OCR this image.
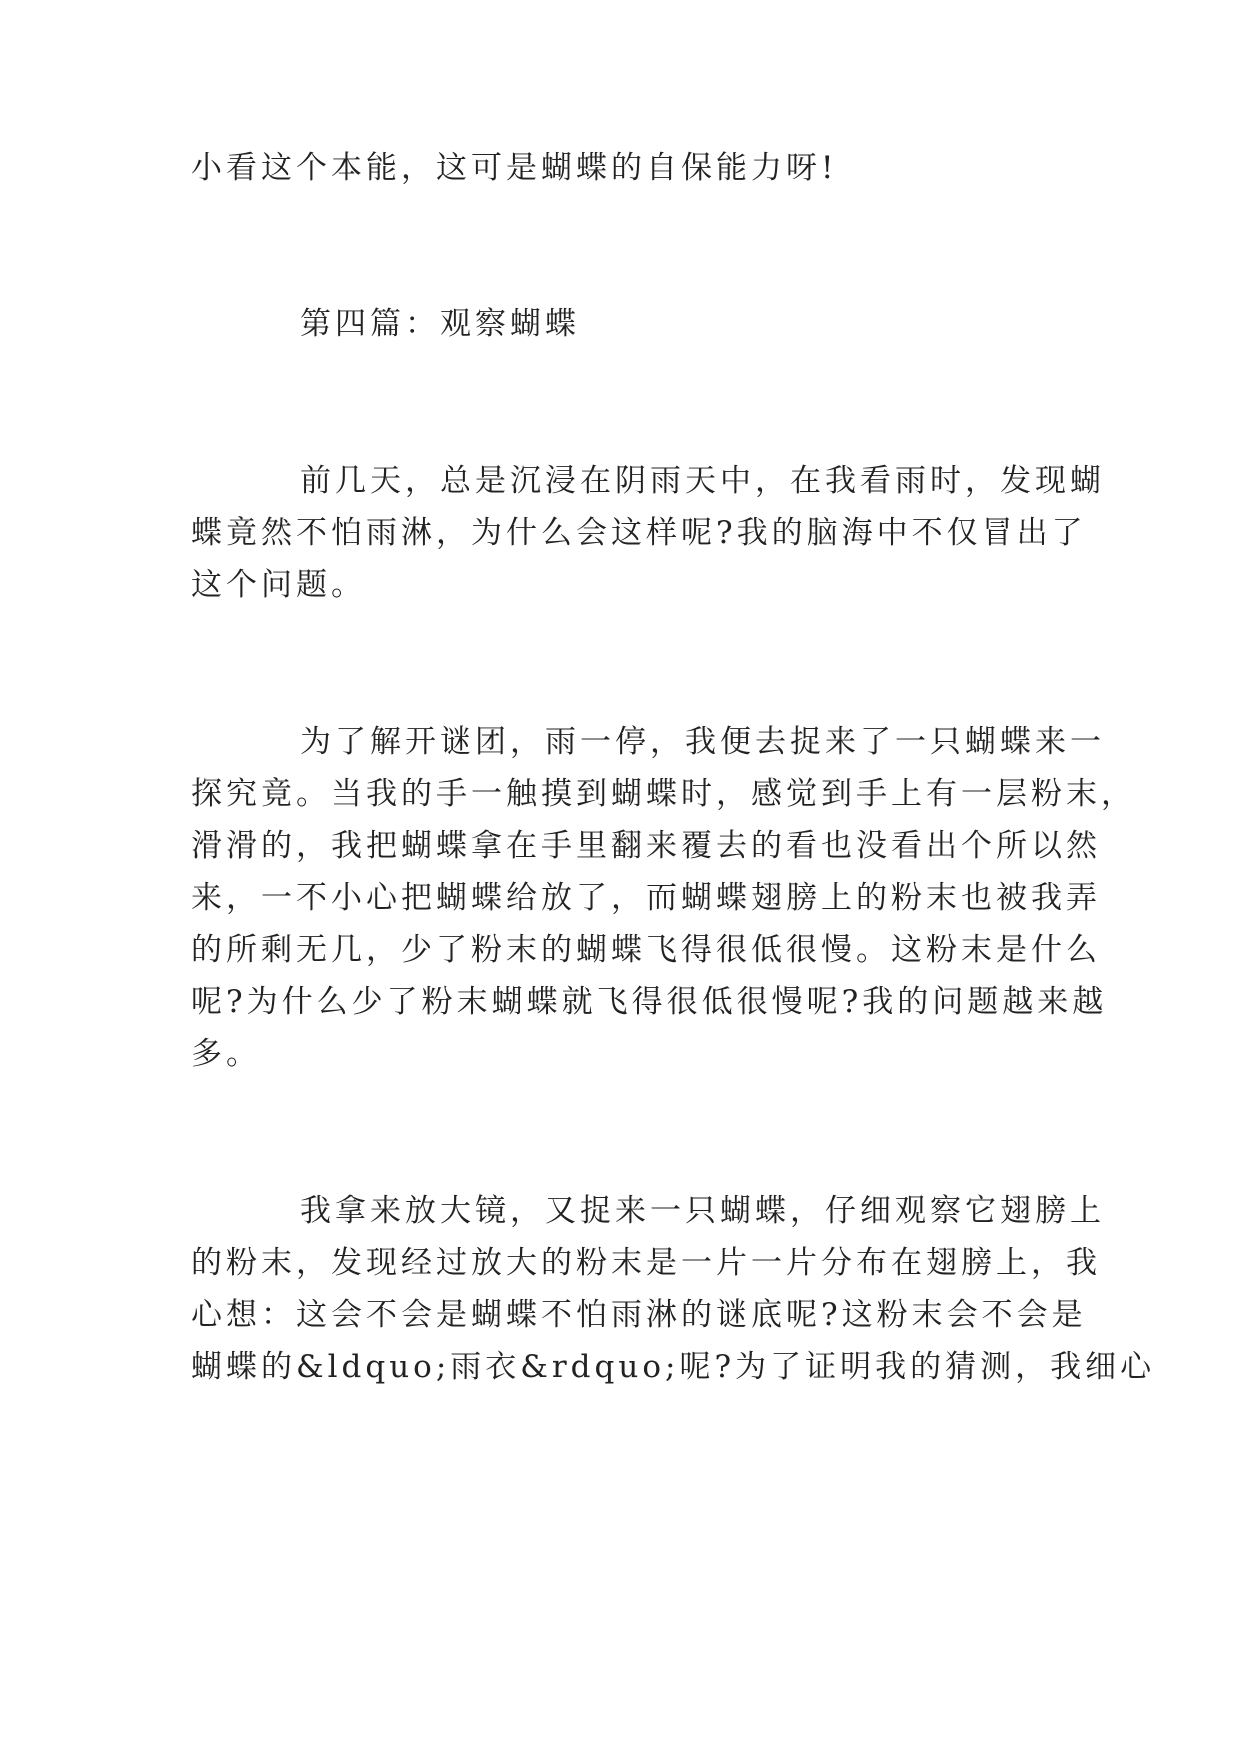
小看这个本能，这可是蝴蝶的自保能力呀!
第四篇：观察蝴蝶
前几天，总是沉浸在阴雨天中，在我看雨时，发现蝴
蝶竟然不怕雨淋，为什么会这样呢?我的脑海中不仅冒出了
这个问题。
为了解开谜团，雨一停，我便去捉来了一只蝴蝶来一
探究竟。当我的手一触摸到蝴蝶时，感觉到手上有一层粉末，
滑滑的，我把蝴蝶拿在手里翻来覆去的看也没看出个所以然
来，一不小心把蝴蝶给放了，而蝴蝶翅膀上的粉末也被我弄
的所剩无几，少了粉末的蝴蝶飞得很低很慢。这粉末是什么
呢?为什么少了粉末蝴蝶就飞得很低很慢呢?我的问题越来越
多。
我拿来放大镜，又捉来一只蝴蝶，仔细观察它翅膀上
的粉末，发现经过放大的粉末是一片一片分布在翅膀上，我
心想：这会不会是蝴蝶不怕雨淋的谜底呢?这粉末会不会是
蝴蝶的&ldquo;雨衣&rdquo;呢?为了证明我的猜测，我细心
